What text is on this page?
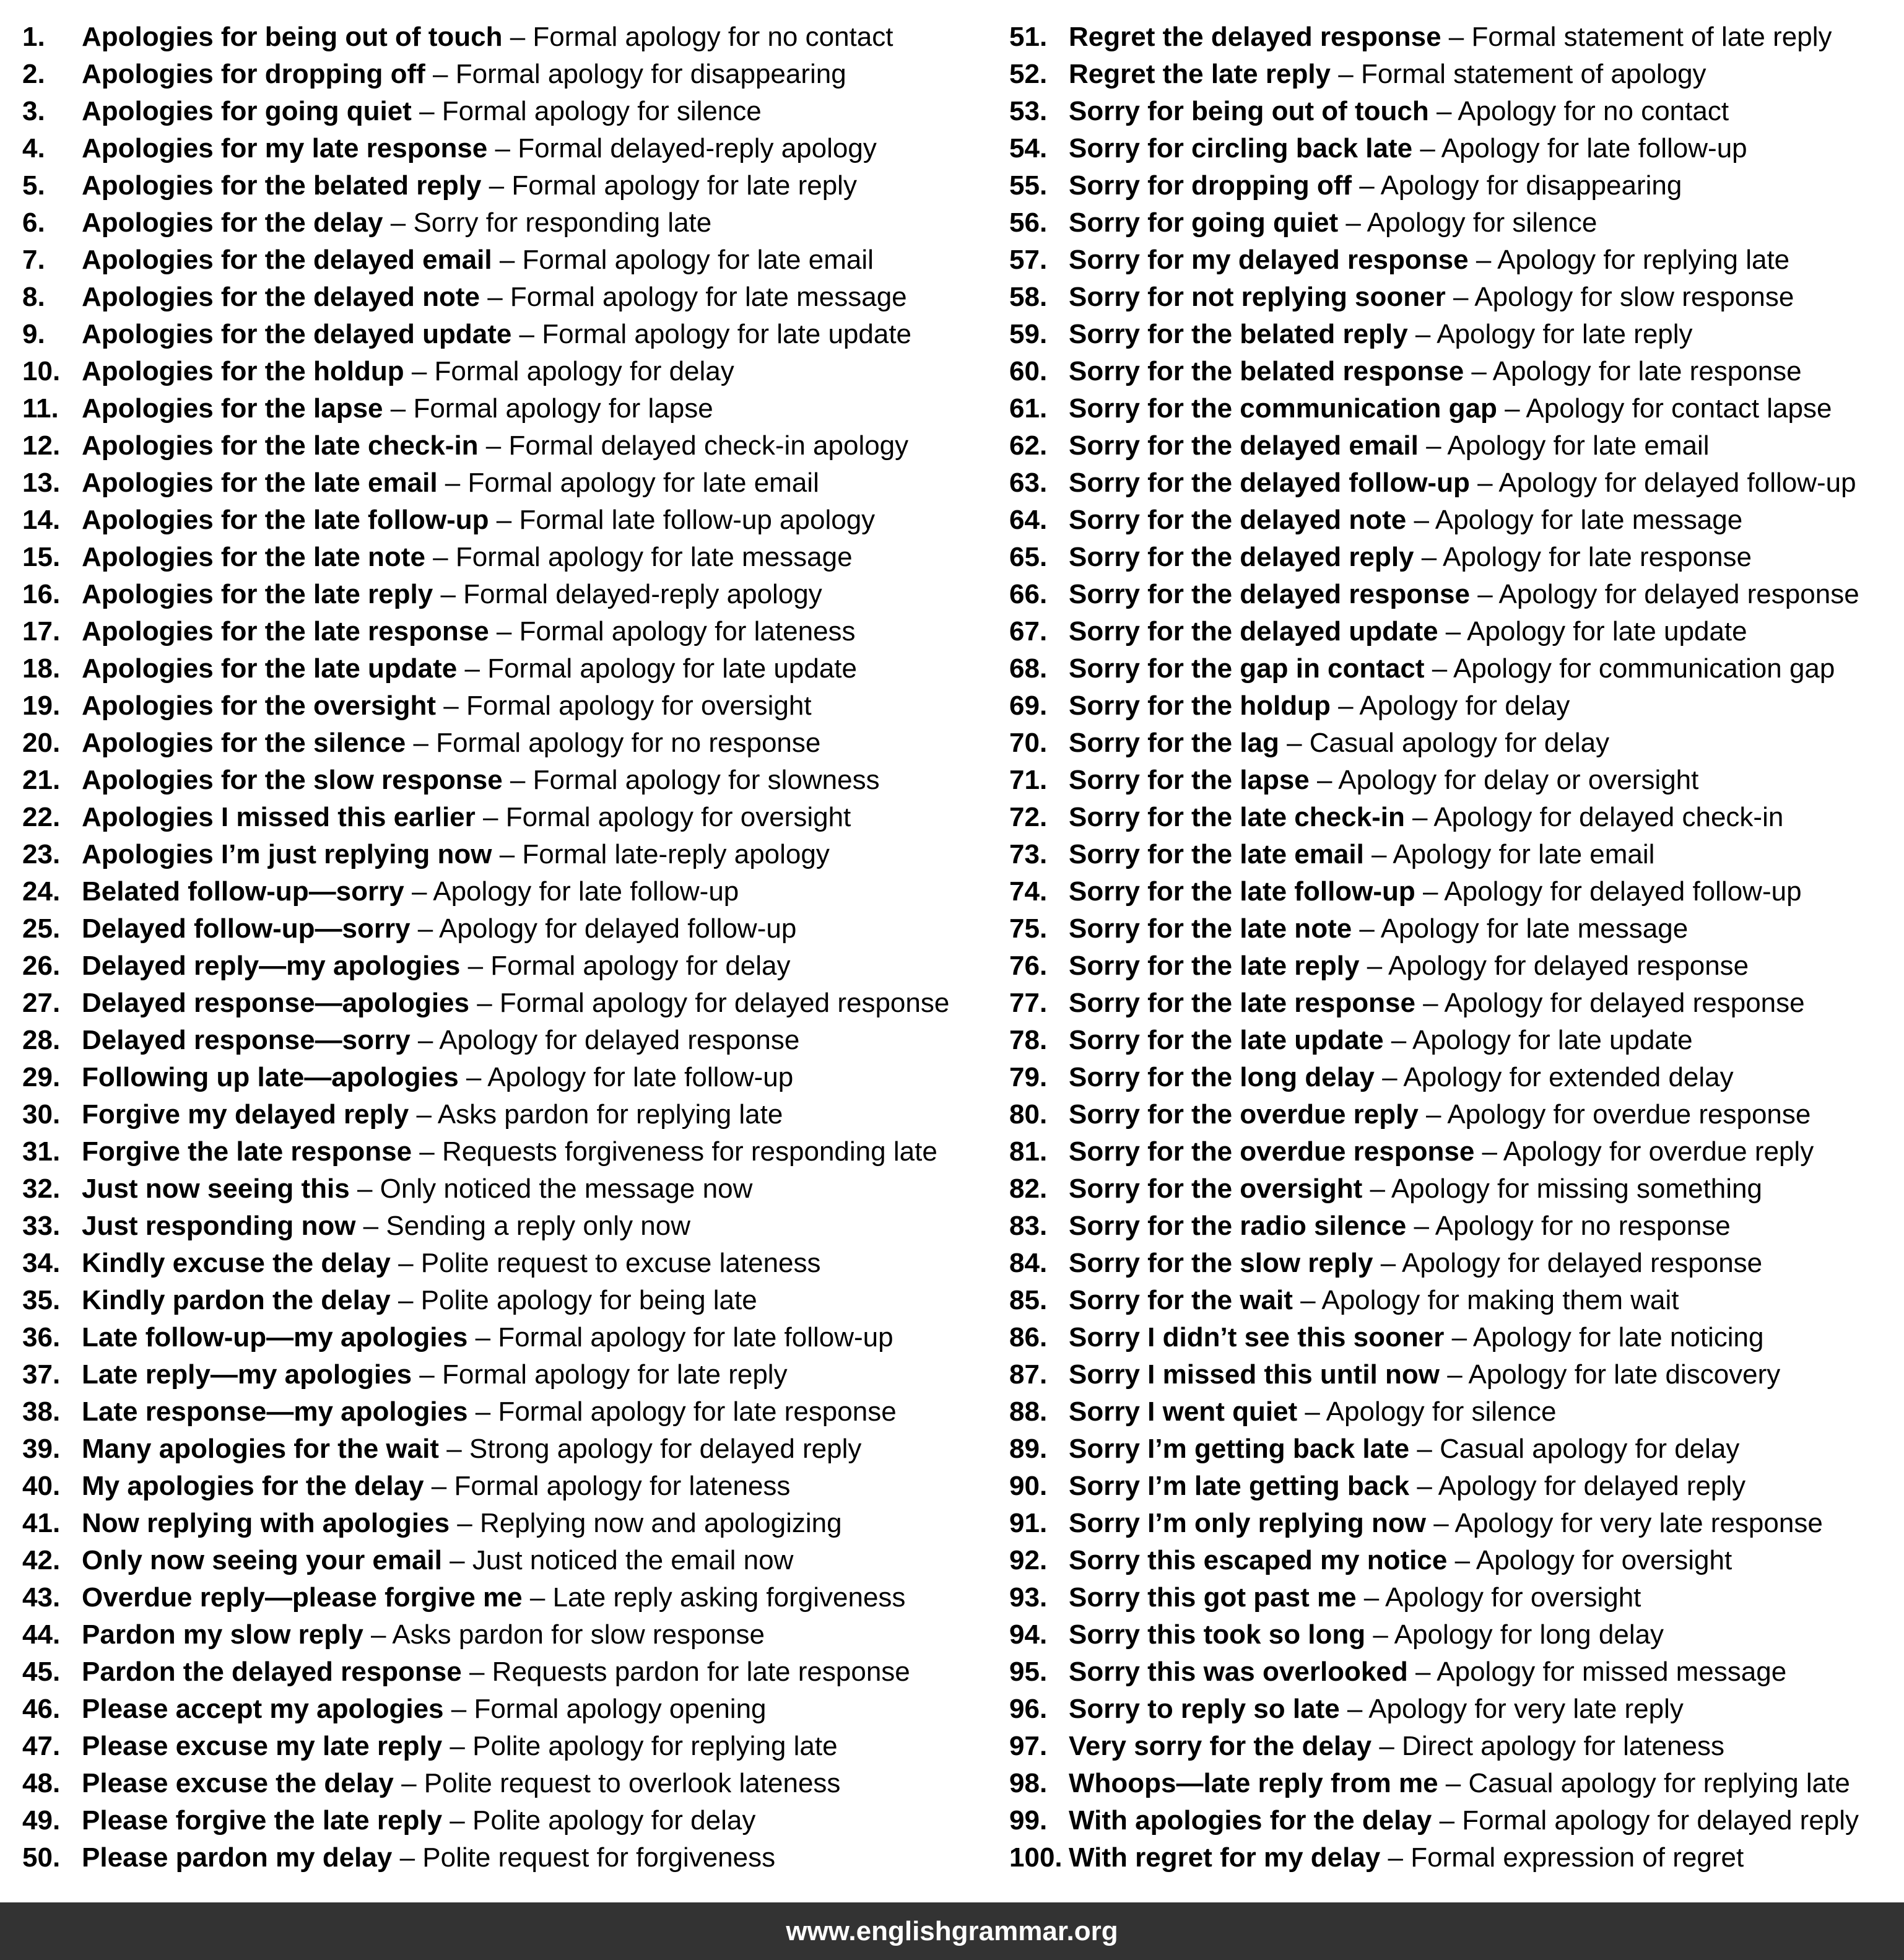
1. Apologies for being out of touch – Formal apology for no contact
2. Apologies for dropping off – Formal apology for disappearing
3. Apologies for going quiet – Formal apology for silence
4. Apologies for my late response – Formal delayed-reply apology
5. Apologies for the belated reply – Formal apology for late reply
6. Apologies for the delay – Sorry for responding late
7. Apologies for the delayed email – Formal apology for late email
8. Apologies for the delayed note – Formal apology for late message
9. Apologies for the delayed update – Formal apology for late update
10. Apologies for the holdup – Formal apology for delay
11. Apologies for the lapse – Formal apology for lapse
12. Apologies for the late check-in – Formal delayed check-in apology
13. Apologies for the late email – Formal apology for late email
14. Apologies for the late follow-up – Formal late follow-up apology
15. Apologies for the late note – Formal apology for late message
16. Apologies for the late reply – Formal delayed-reply apology
17. Apologies for the late response – Formal apology for lateness
18. Apologies for the late update – Formal apology for late update
19. Apologies for the oversight – Formal apology for oversight
20. Apologies for the silence – Formal apology for no response
21. Apologies for the slow response – Formal apology for slowness
22. Apologies I missed this earlier – Formal apology for oversight
23. Apologies I’m just replying now – Formal late-reply apology
24. Belated follow-up—sorry – Apology for late follow-up
25. Delayed follow-up—sorry – Apology for delayed follow-up
26. Delayed reply—my apologies – Formal apology for delay
27. Delayed response—apologies – Formal apology for delayed response
28. Delayed response—sorry – Apology for delayed response
29. Following up late—apologies – Apology for late follow-up
30. Forgive my delayed reply – Asks pardon for replying late
31. Forgive the late response – Requests forgiveness for responding late
32. Just now seeing this – Only noticed the message now
33. Just responding now – Sending a reply only now
34. Kindly excuse the delay – Polite request to excuse lateness
35. Kindly pardon the delay – Polite apology for being late
36. Late follow-up—my apologies – Formal apology for late follow-up
37. Late reply—my apologies – Formal apology for late reply
38. Late response—my apologies – Formal apology for late response
39. Many apologies for the wait – Strong apology for delayed reply
40. My apologies for the delay – Formal apology for lateness
41. Now replying with apologies – Replying now and apologizing
42. Only now seeing your email – Just noticed the email now
43. Overdue reply—please forgive me – Late reply asking forgiveness
44. Pardon my slow reply – Asks pardon for slow response
45. Pardon the delayed response – Requests pardon for late response
46. Please accept my apologies – Formal apology opening
47. Please excuse my late reply – Polite apology for replying late
48. Please excuse the delay – Polite request to overlook lateness
49. Please forgive the late reply – Polite apology for delay
50. Please pardon my delay – Polite request for forgiveness
51. Regret the delayed response – Formal statement of late reply
52. Regret the late reply – Formal statement of apology
53. Sorry for being out of touch – Apology for no contact
54. Sorry for circling back late – Apology for late follow-up
55. Sorry for dropping off – Apology for disappearing
56. Sorry for going quiet – Apology for silence
57. Sorry for my delayed response – Apology for replying late
58. Sorry for not replying sooner – Apology for slow response
59. Sorry for the belated reply – Apology for late reply
60. Sorry for the belated response – Apology for late response
61. Sorry for the communication gap – Apology for contact lapse
62. Sorry for the delayed email – Apology for late email
63. Sorry for the delayed follow-up – Apology for delayed follow-up
64. Sorry for the delayed note – Apology for late message
65. Sorry for the delayed reply – Apology for late response
66. Sorry for the delayed response – Apology for delayed response
67. Sorry for the delayed update – Apology for late update
68. Sorry for the gap in contact – Apology for communication gap
69. Sorry for the holdup – Apology for delay
70. Sorry for the lag – Casual apology for delay
71. Sorry for the lapse – Apology for delay or oversight
72. Sorry for the late check-in – Apology for delayed check-in
73. Sorry for the late email – Apology for late email
74. Sorry for the late follow-up – Apology for delayed follow-up
75. Sorry for the late note – Apology for late message
76. Sorry for the late reply – Apology for delayed response
77. Sorry for the late response – Apology for delayed response
78. Sorry for the late update – Apology for late update
79. Sorry for the long delay – Apology for extended delay
80. Sorry for the overdue reply – Apology for overdue response
81. Sorry for the overdue response – Apology for overdue reply
82. Sorry for the oversight – Apology for missing something
83. Sorry for the radio silence – Apology for no response
84. Sorry for the slow reply – Apology for delayed response
85. Sorry for the wait – Apology for making them wait
86. Sorry I didn’t see this sooner – Apology for late noticing
87. Sorry I missed this until now – Apology for late discovery
88. Sorry I went quiet – Apology for silence
89. Sorry I’m getting back late – Casual apology for delay
90. Sorry I’m late getting back – Apology for delayed reply
91. Sorry I’m only replying now – Apology for very late response
92. Sorry this escaped my notice – Apology for oversight
93. Sorry this got past me – Apology for oversight
94. Sorry this took so long – Apology for long delay
95. Sorry this was overlooked – Apology for missed message
96. Sorry to reply so late – Apology for very late reply
97. Very sorry for the delay – Direct apology for lateness
98. Whoops—late reply from me – Casual apology for replying late
99. With apologies for the delay – Formal apology for delayed reply
100. With regret for my delay – Formal expression of regret
www.englishgrammar.org
